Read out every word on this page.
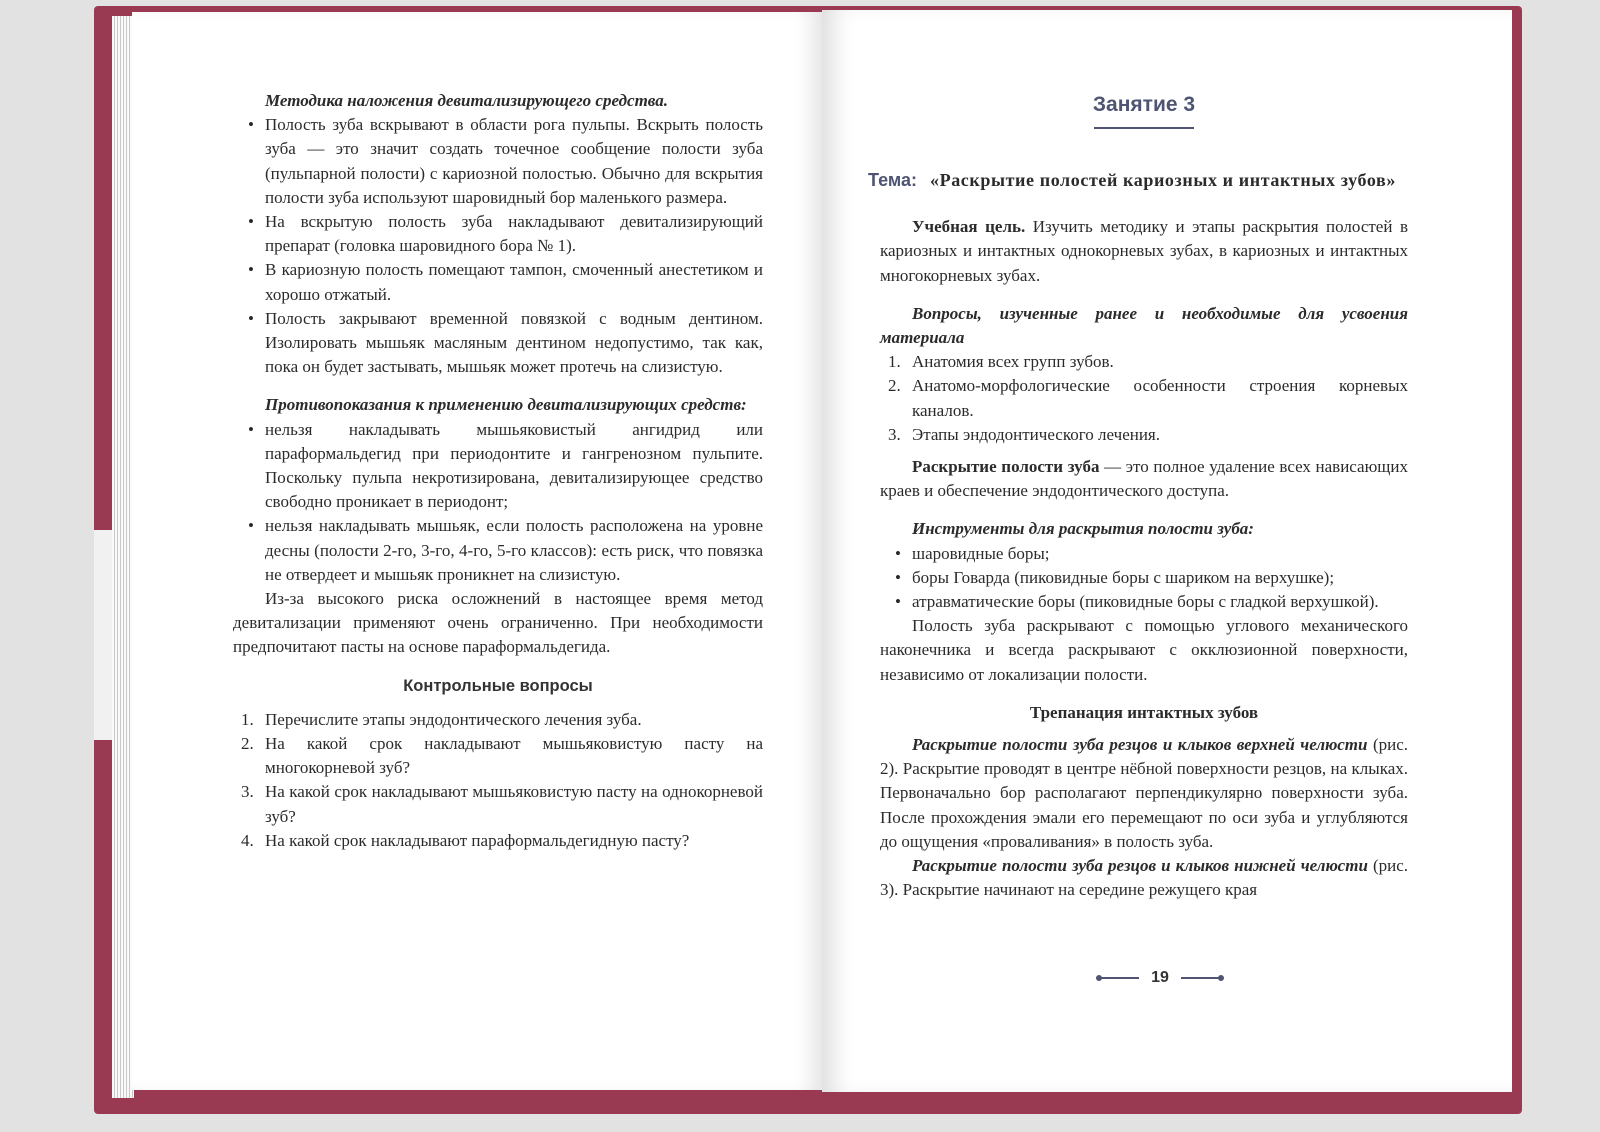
Методика наложения девитализирующего средства.

• Полость зуба вскрывают в области рога пульпы. Вскрыть полость зуба — это значит создать точечное сообщение полости зуба (пульпарной полости) с кариозной полостью. Обычно для вскрытия полости зуба используют шаровидный бор маленького размера.
• На вскрытую полость зуба накладывают девитализирующий препарат (головка шаровидного бора № 1).
• В кариозную полость помещают тампон, смоченный анестетиком и хорошо отжатый.
• Полость закрывают временной повязкой с водным дентином. Изолировать мышьяк масляным дентином недопустимо, так как, пока он будет застывать, мышьяк может протечь на слизистую.

Противопоказания к применению девитализирующих средств:

• нельзя накладывать мышьяковистый ангидрид или параформальдегид при периодонтите и гангренозном пульпите. Поскольку пульпа некротизирована, девитализирующее средство свободно проникает в периодонт;
• нельзя накладывать мышьяк, если полость расположена на уровне десны (полости 2-го, 3-го, 4-го, 5-го классов): есть риск, что повязка не отвердеет и мышьяк проникнет на слизистую.

Из-за высокого риска осложнений в настоящее время метод девитализации применяют очень ограниченно. При необходимости предпочитают пасты на основе параформальдегида.

Контрольные вопросы
1. Перечислите этапы эндодонтического лечения зуба.
2. На какой срок накладывают мышьяковистую пасту на многокорневой зуб?
3. На какой срок накладывают мышьяковистую пасту на однокорневой зуб?
4. На какой срок накладывают параформальдегидную пасту?
Занятие 3
Тема: «Раскрытие полостей кариозных и интактных зубов»

Учебная цель. Изучить методику и этапы раскрытия полостей в кариозных и интактных однокорневых зубах, в кариозных и интактных многокорневых зубах.

Вопросы, изученные ранее и необходимые для усвоения материала

1. Анатомия всех групп зубов.
2. Анатомо-морфологические особенности строения корневых каналов.
3. Этапы эндодонтического лечения.

Раскрытие полости зуба — это полное удаление всех нависающих краев и обеспечение эндодонтического доступа.

Инструменты для раскрытия полости зуба:

• шаровидные боры;
• боры Говарда (пиковидные боры с шариком на верхушке);
• атравматические боры (пиковидные боры с гладкой верхушкой).

Полость зуба раскрывают с помощью углового механического наконечника и всегда раскрывают с окклюзионной поверхности, независимо от локализации полости.

Трепанация интактных зубов

Раскрытие полости зуба резцов и клыков верхней челюсти (рис. 2). Раскрытие проводят в центре нёбной поверхности резцов, на клыках. Первоначально бор располагают перпендикулярно поверхности зуба. После прохождения эмали его перемещают по оси зуба и углубляются до ощущения «проваливания» в полость зуба.

Раскрытие полости зуба резцов и клыков нижней челюсти (рис. 3). Раскрытие начинают на середине режущего края

19
